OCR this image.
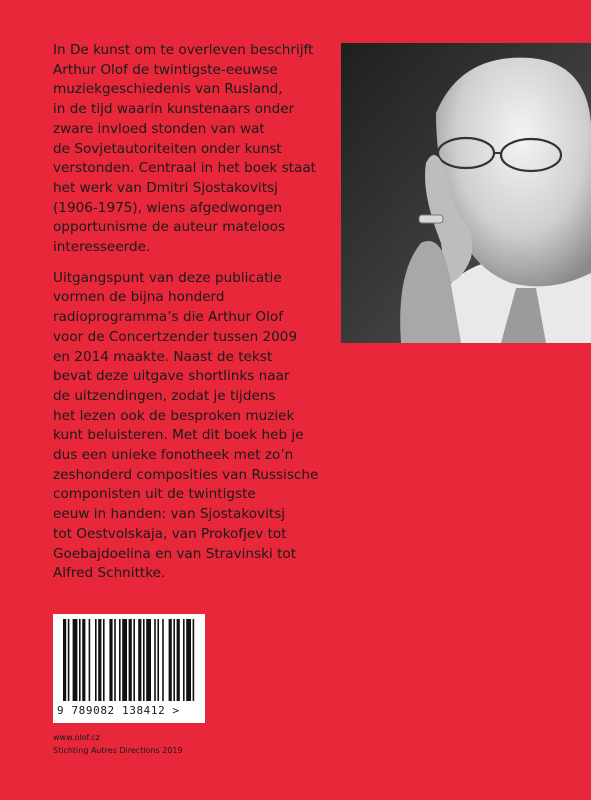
In De kunst om te overleven beschrijft
Arthur Olof de twintigste-eeuwse
muziekgeschiedenis van Rusland,
in de tijd waarin kunstenaars onder
zware invloed stonden van wat
de Sovjetautoriteiten onder kunst
verstonden. Centraal in het boek staat
het werk van Dmitri Sjostakovitsj
(1906-1975), wiens afgedwongen
opportunisme de auteur mateloos
interesseerde.
Uitgangspunt van deze publicatie
vormen de bijna honderd
radioprogramma’s die Arthur Olof
voor de Concertzender tussen 2009
en 2014 maakte. Naast de tekst
bevat deze uitgave shortlinks naar
de uitzendingen, zodat je tijdens
het lezen ook de besproken muziek
kunt beluisteren. Met dit boek heb je
dus een unieke fonotheek met zo’n
zeshonderd composities van Russische
componisten uit de twintigste
eeuw in handen: van Sjostakovitsj
tot Oestvolskaja, van Prokofjev tot
Goebajdoelina en van Stravinski tot
Alfred Schnittke.
9 789082 138412 >
www.olof.cz
Stichting Autres Directions 2019
